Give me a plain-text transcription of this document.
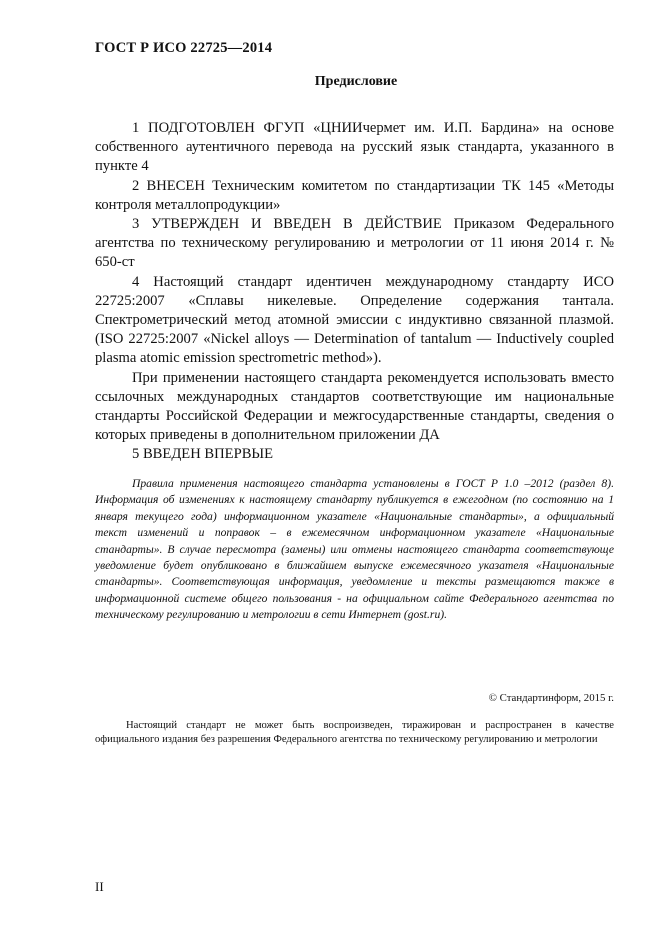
ГОСТ Р ИСО 22725—2014
Предисловие

1 ПОДГОТОВЛЕН ФГУП «ЦНИИчермет им. И.П. Бардина» на основе собственного аутентичного перевода на русский язык стандарта, указанного в пункте 4

2 ВНЕСЕН Техническим комитетом по стандартизации ТК 145 «Методы контроля металлопродукции»

3 УТВЕРЖДЕН И ВВЕДЕН В ДЕЙСТВИЕ Приказом Федерального агентства по техническому регулированию и метрологии от 11 июня 2014 г. № 650-ст

4 Настоящий стандарт идентичен международному стандарту ИСО 22725:2007 «Сплавы никелевые. Определение содержания тантала. Спектрометрический метод атомной эмиссии с индуктивно связанной плазмой. (ISO 22725:2007 «Nickel alloys — Determination of tantalum — Inductively coupled plasma atomic emission spectrometric method»).

При применении настоящего стандарта рекомендуется использовать вместо ссылочных международных стандартов соответствующие им национальные стандарты Российской Федерации и межгосударственные стандарты, сведения о которых приведены в дополнительном приложении ДА

5 ВВЕДЕН ВПЕРВЫЕ

Правила применения настоящего стандарта установлены в ГОСТ Р 1.0 –2012 (раздел 8). Информация об изменениях к настоящему стандарту публикуется в ежегодном (по состоянию на 1 января текущего года) информационном указателе «Национальные стандарты», а официальный текст изменений и поправок – в ежемесячном информационном указателе «Национальные стандарты». В случае пересмотра (замены) или отмены настоящего стандарта соответствующе уведомление будет опубликовано в ближайшем выпуске ежемесячного указателя «Национальные стандарты». Соответствующая информация, уведомление и тексты размещаются также в информационной системе общего пользования - на официальном сайте Федерального агентства по техническому регулированию и метрологии в сети Интернет (gost.ru).

© Стандартинформ, 2015 г.

Настоящий стандарт не может быть воспроизведен, тиражирован и распространен в качестве официального издания без разрешения Федерального агентства по техническому регулированию и метрологии

II
